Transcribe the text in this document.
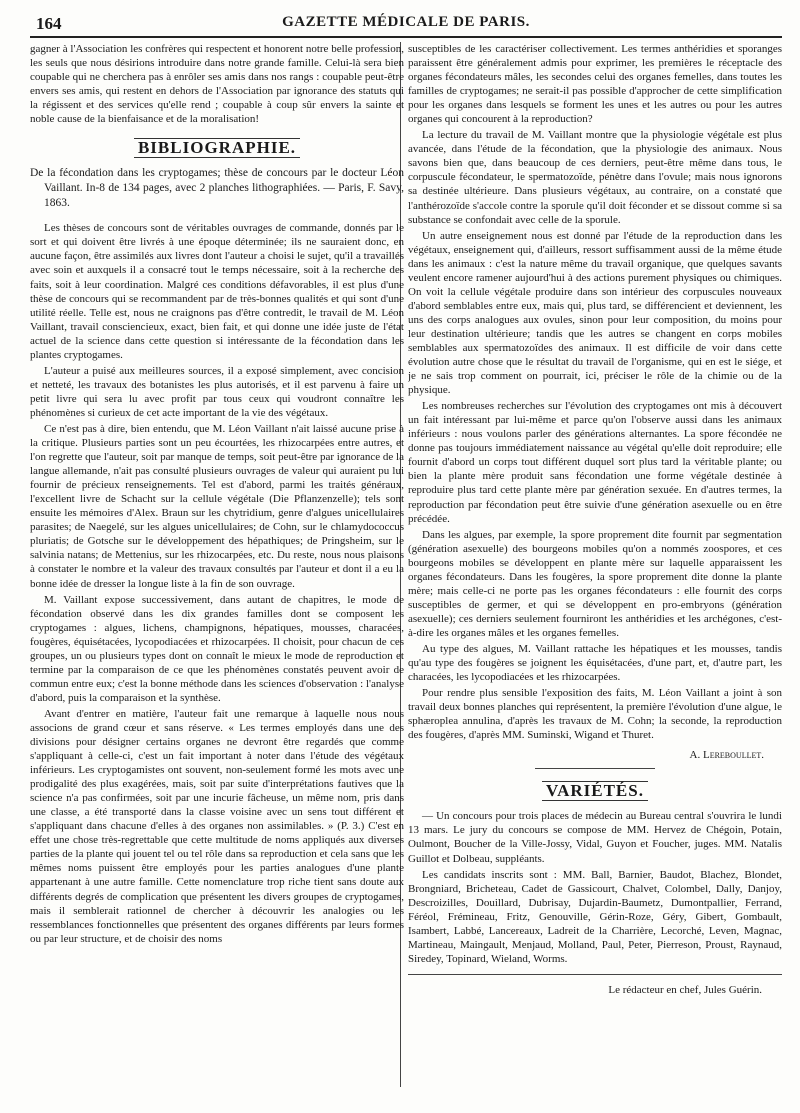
164	GAZETTE MÉDICALE DE PARIS.

gagner à l'Association les confrères qui respectent et honorent notre belle profession, les seuls que nous désirions introduire dans notre grande famille. Celui-là sera bien coupable qui ne cherchera pas à enrôler ses amis dans nos rangs : coupable peut-être envers ses amis, qui restent en dehors de l'Association par ignorance des statuts qui la régissent et des services qu'elle rend ; coupable à coup sûr envers la sainte et noble cause de la bienfaisance et de la moralisation!

BIBLIOGRAPHIE.

De la fécondation dans les cryptogames; thèse de concours par le docteur Léon Vaillant. In-8 de 134 pages, avec 2 planches lithographiées. — Paris, F. Savy, 1863.

Les thèses de concours sont de véritables ouvrages de commande, donnés par le sort et qui doivent être livrés à une époque déterminée; ils ne sauraient donc, en aucune façon, être assimilés aux livres dont l'auteur a choisi le sujet, qu'il a travaillés avec soin et auxquels il a consacré tout le temps nécessaire, soit à la recherche des faits, soit à leur coordination. Malgré ces conditions défavorables, il est plus d'une thèse de concours qui se recommandent par de très-bonnes qualités et qui sont d'une utilité réelle. Telle est, nous ne craignons pas d'être contredit, le travail de M. Léon Vaillant, travail consciencieux, exact, bien fait, et qui donne une idée juste de l'état actuel de la science dans cette question si intéressante de la fécondation dans les plantes cryptogames.

L'auteur a puisé aux meilleures sources, il a exposé simplement, avec concision et netteté, les travaux des botanistes les plus autorisés, et il est parvenu à faire un petit livre qui sera lu avec profit par tous ceux qui voudront connaître les phénomènes si curieux de cet acte important de la vie des végétaux.

Ce n'est pas à dire, bien entendu, que M. Léon Vaillant n'ait laissé aucune prise à la critique. Plusieurs parties sont un peu écourtées, les rhizocarpées entre autres, et l'on regrette que l'auteur, soit par manque de temps, soit peut-être par ignorance de la langue allemande, n'ait pas consulté plusieurs ouvrages de valeur qui auraient pu lui fournir de précieux renseignements. Tel est d'abord, parmi les traités généraux, l'excellent livre de Schacht sur la cellule végétale (Die Pflanzenzelle); tels sont ensuite les mémoires d'Alex. Braun sur les chytridium, genre d'algues unicellulaires parasites; de Naegelé, sur les algues unicellulaires; de Cohn, sur le chlamydococcus pluriatis; de Gotsche sur le développement des hépathiques; de Pringsheim, sur le salvinia natans; de Mettenius, sur les rhizocarpées, etc. Du reste, nous nous plaisons à constater le nombre et la valeur des travaux consultés par l'auteur et dont il a eu la bonne idée de dresser la longue liste à la fin de son ouvrage.

M. Vaillant expose successivement, dans autant de chapitres, le mode de fécondation observé dans les dix grandes familles dont se composent les cryptogames : algues, lichens, champignons, hépatiques, mousses, characées, fougères, équisétacées, lycopodiacées et rhizocarpées. Il choisit, pour chacun de ces groupes, un ou plusieurs types dont on connaît le mieux le mode de reproduction et termine par la comparaison de ce que les phénomènes constatés peuvent avoir de commun entre eux; c'est la bonne méthode dans les sciences d'observation : l'analyse d'abord, puis la comparaison et la synthèse.

Avant d'entrer en matière, l'auteur fait une remarque à laquelle nous nous associons de grand cœur et sans réserve. « Les termes employés dans une des divisions pour désigner certains organes ne devront être regardés que comme s'appliquant à celle-ci, c'est un fait important à noter dans l'étude des végétaux inférieurs. Les cryptogamistes ont souvent, non-seulement formé les mots avec une prodigalité des plus exagérées, mais, soit par suite d'interprétations fautives que la science n'a pas confirmées, soit par une incurie fâcheuse, un même nom, pris dans une classe, a été transporté dans la classe voisine avec un sens tout différent et s'appliquant dans chacune d'elles à des organes non assimilables. » (P. 3.) C'est en effet une chose très-regrettable que cette multitude de noms appliqués aux diverses parties de la plante qui jouent tel ou tel rôle dans sa reproduction et cela sans que les mêmes noms puissent être employés pour les parties analogues d'une plante appartenant à une autre famille. Cette nomenclature trop riche tient sans doute aux différents degrés de complication que présentent les divers groupes de cryptogames, mais il semblerait rationnel de chercher à découvrir les analogies ou les ressemblances fonctionnelles que présentent des organes différents par leurs formes ou par leur structure, et de choisir des noms

susceptibles de les caractériser collectivement. Les termes anthéridies et sporanges paraissent être généralement admis pour exprimer, les premières le réceptacle des organes fécondateurs mâles, les secondes celui des organes femelles, dans toutes les familles de cryptogames; ne serait-il pas possible d'approcher de cette simplification pour les organes dans lesquels se forment les unes et les autres ou pour les autres organes qui concourent à la reproduction?

La lecture du travail de M. Vaillant montre que la physiologie végétale est plus avancée, dans l'étude de la fécondation, que la physiologie des animaux. Nous savons bien que, dans beaucoup de ces derniers, peut-être même dans tous, le corpuscule fécondateur, le spermatozoïde, pénètre dans l'ovule; mais nous ignorons sa destinée ultérieure. Dans plusieurs végétaux, au contraire, on a constaté que l'anthérozoïde s'accole contre la sporule qu'il doit féconder et se dissout comme si sa substance se confondait avec celle de la sporule.

Un autre enseignement nous est donné par l'étude de la reproduction dans les végétaux, enseignement qui, d'ailleurs, ressort suffisamment aussi de la même étude dans les animaux : c'est la nature même du travail organique, que quelques savants veulent encore ramener aujourd'hui à des actions purement physiques ou chimiques. On voit la cellule végétale produire dans son intérieur des corpuscules nouveaux d'abord semblables entre eux, mais qui, plus tard, se différencient et deviennent, les uns des corps analogues aux ovules, sinon pour leur composition, du moins pour leur destination ultérieure; tandis que les autres se changent en corps mobiles semblables aux spermatozoïdes des animaux. Il est difficile de voir dans cette évolution autre chose que le résultat du travail de l'organisme, qui en est le siége, et je ne sais trop comment on pourrait, ici, préciser le rôle de la chimie ou de la physique.

Les nombreuses recherches sur l'évolution des cryptogames ont mis à découvert un fait intéressant par lui-même et parce qu'on l'observe aussi dans les animaux inférieurs : nous voulons parler des générations alternantes. La spore fécondée ne donne pas toujours immédiatement naissance au végétal qu'elle doit reproduire; elle fournit d'abord un corps tout différent duquel sort plus tard la véritable plante; ou bien la plante mère produit sans fécondation une forme végétale destinée à reproduire plus tard cette plante mère par génération sexuée. En d'autres termes, la reproduction par fécondation peut être suivie d'une génération asexuelle ou en être précédée.

Dans les algues, par exemple, la spore proprement dite fournit par segmentation (génération asexuelle) des bourgeons mobiles qu'on a nommés zoospores, et ces bourgeons mobiles se développent en plante mère sur laquelle apparaissent les organes fécondateurs. Dans les fougères, la spore proprement dite donne la plante mère; mais celle-ci ne porte pas les organes fécondateurs : elle fournit des corps susceptibles de germer, et qui se développent en pro-embryons (génération asexuelle); ces derniers seulement fourniront les anthéridies et les archégones, c'est-à-dire les organes mâles et les organes femelles.

Au type des algues, M. Vaillant rattache les hépatiques et les mousses, tandis qu'au type des fougères se joignent les équisétacées, d'une part, et, d'autre part, les characées, les lycopodiacées et les rhizocarpées.

Pour rendre plus sensible l'exposition des faits, M. Léon Vaillant a joint à son travail deux bonnes planches qui représentent, la première l'évolution d'une algue, le sphæroplea annulina, d'après les travaux de M. Cohn; la seconde, la reproduction des fougères, d'après MM. Suminski, Wigand et Thuret.

A. Lereboullet.
VARIÉTÉS.

— Un concours pour trois places de médecin au Bureau central s'ouvrira le lundi 13 mars. Le jury du concours se compose de MM. Hervez de Chégoin, Potain, Oulmont, Boucher de la Ville-Jossy, Vidal, Guyon et Foucher, juges. MM. Natalis Guillot et Dolbeau, suppléants.

Les candidats inscrits sont : MM. Ball, Barnier, Baudot, Blachez, Blondet, Brongniard, Bricheteau, Cadet de Gassicourt, Chalvet, Colombel, Dally, Danjoy, Descroizilles, Douillard, Dubrisay, Dujardin-Baumetz, Dumontpallier, Ferrand, Féréol, Frémineau, Fritz, Genouville, Gérin-Roze, Géry, Gibert, Gombault, Isambert, Labbé, Lancereaux, Ladreit de la Charrière, Lecorché, Leven, Magnac, Martineau, Maingault, Menjaud, Molland, Paul, Peter, Pierreson, Proust, Raynaud, Siredey, Topinard, Wieland, Worms.

Le rédacteur en chef, Jules Guérin.
